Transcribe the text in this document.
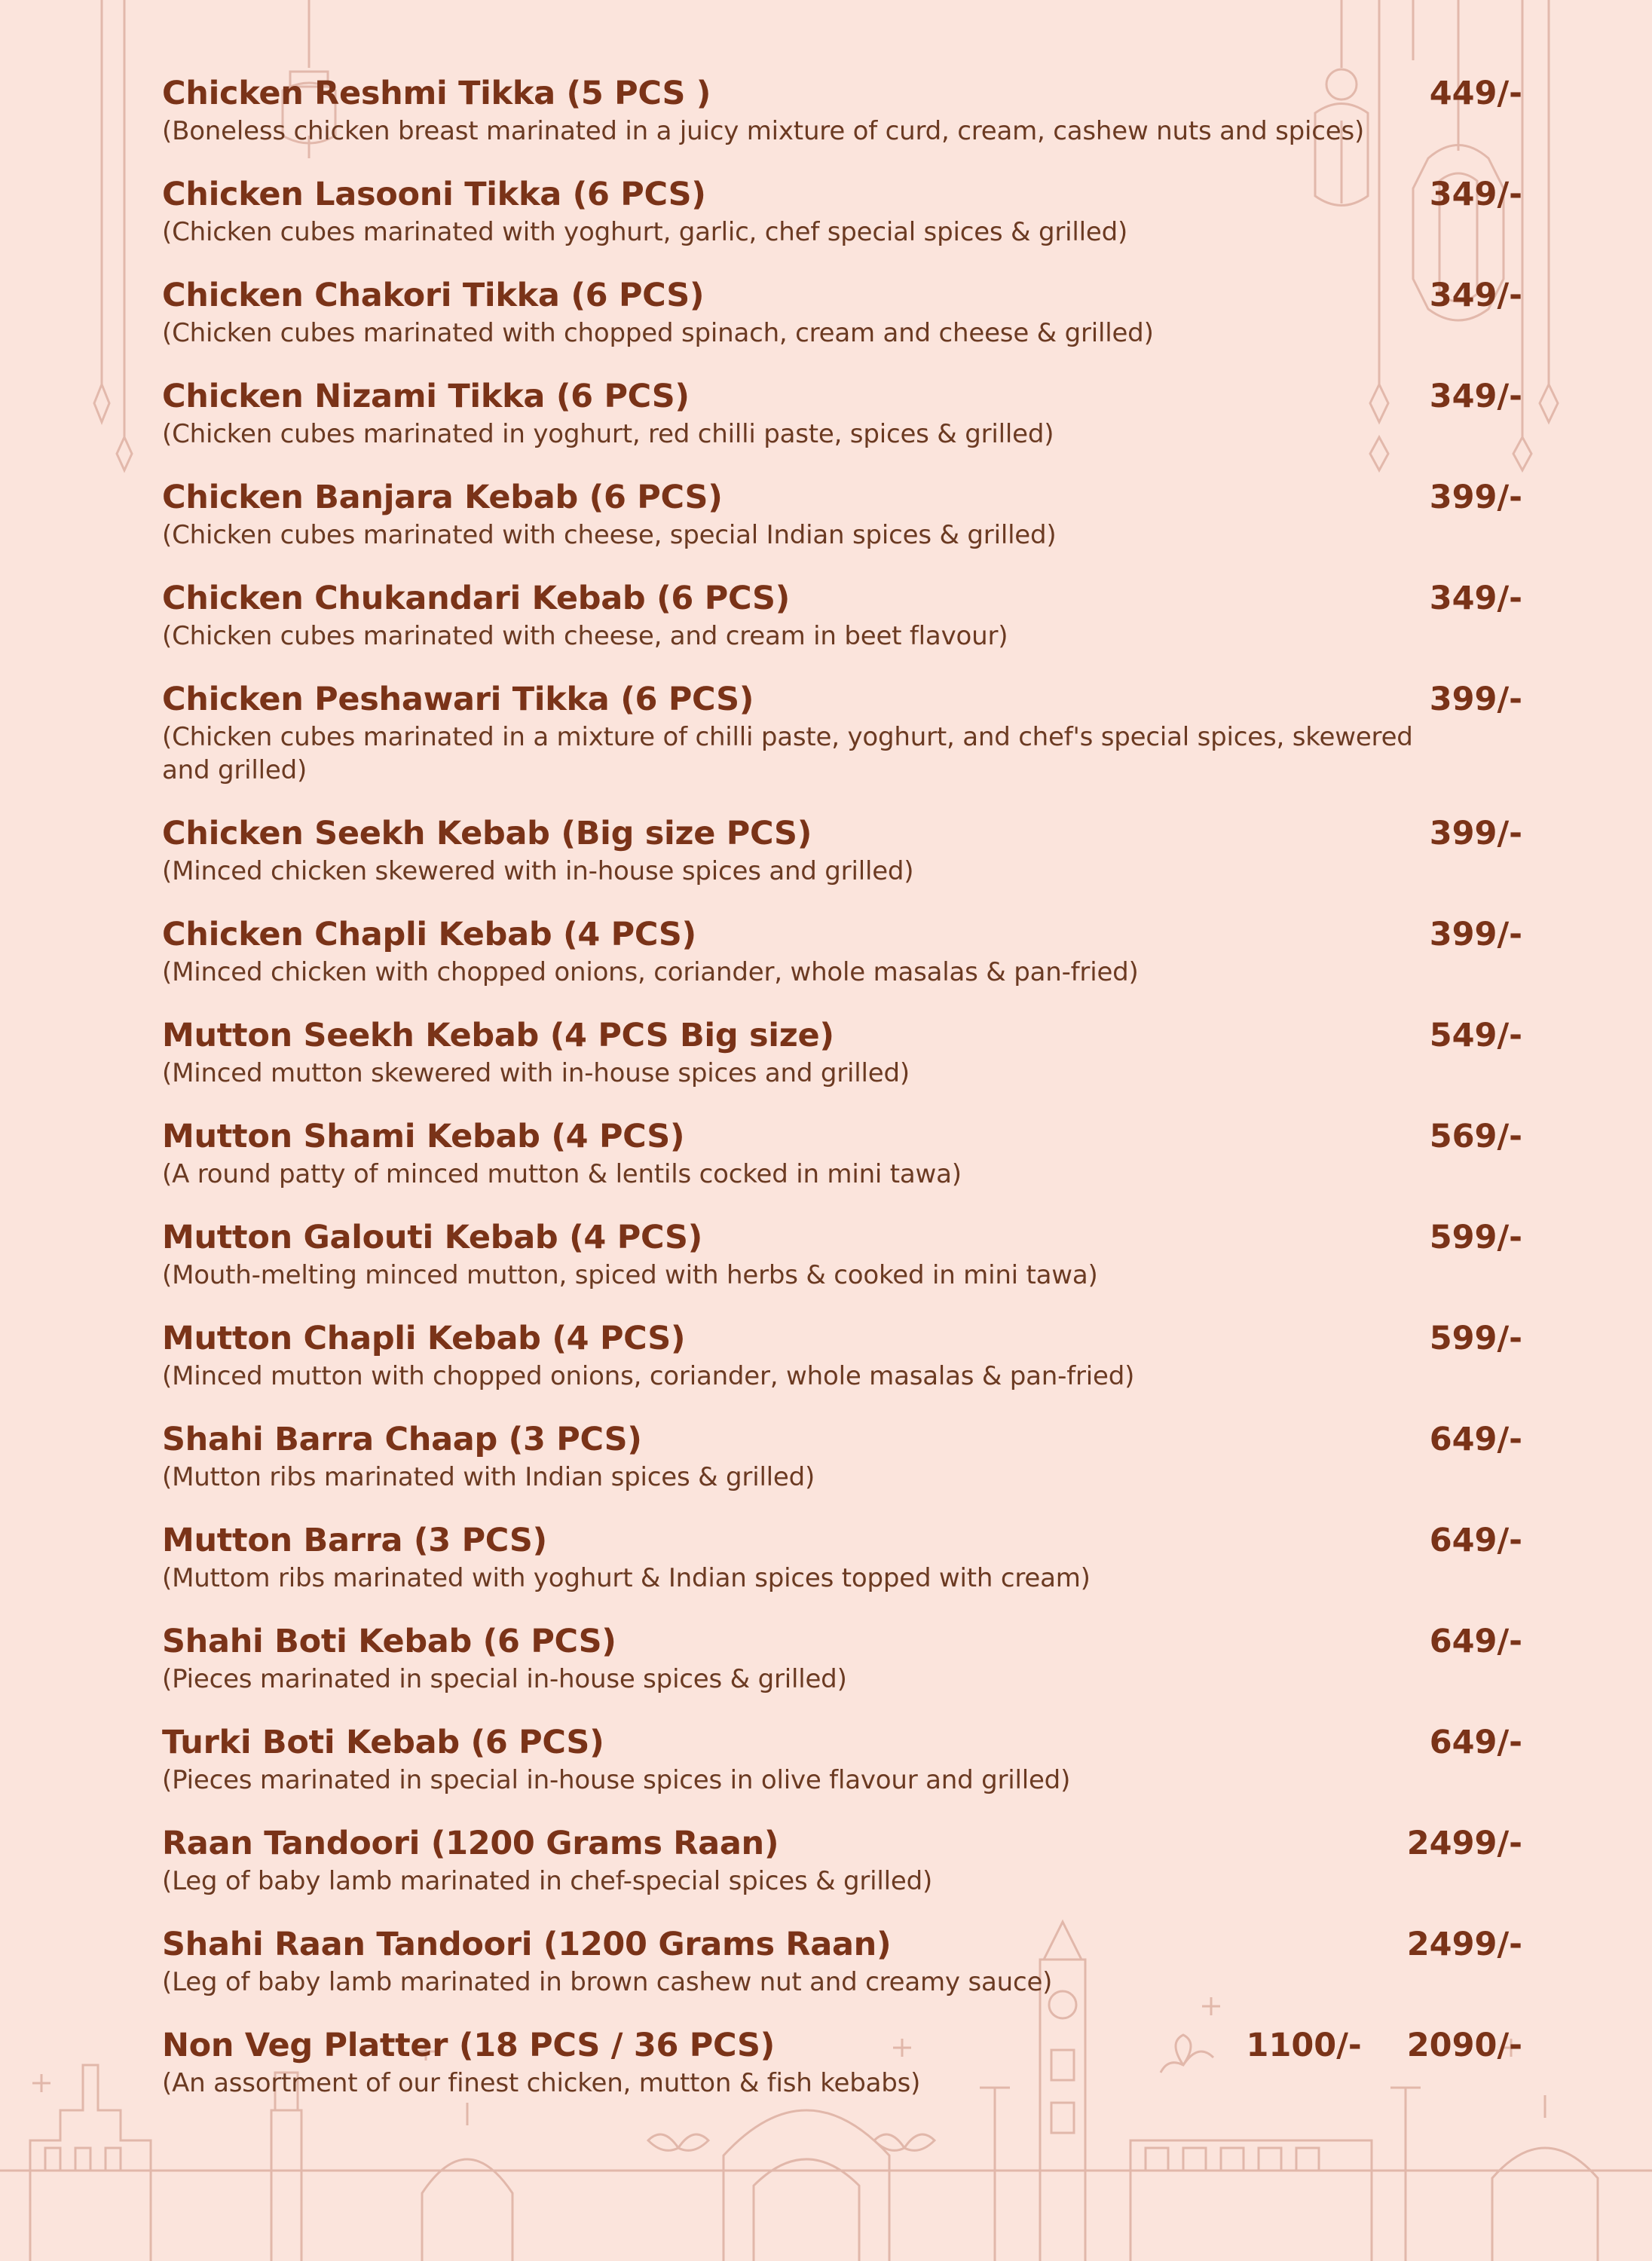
Chicken Reshmi Tikka (5 PCS )	449/-
(Boneless chicken breast marinated in a juicy mixture of curd, cream, cashew nuts and spices)
Chicken Lasooni Tikka (6 PCS)	349/-
(Chicken cubes marinated with yoghurt, garlic, chef special spices & grilled)
Chicken Chakori Tikka (6 PCS)	349/-
(Chicken cubes marinated with chopped spinach, cream and cheese & grilled)
Chicken Nizami Tikka (6 PCS)	349/-
(Chicken cubes marinated in yoghurt, red chilli paste, spices & grilled)
Chicken Banjara Kebab (6 PCS)	399/-
(Chicken cubes marinated with cheese, special Indian spices & grilled)
Chicken Chukandari Kebab (6 PCS)	349/-
(Chicken cubes marinated with cheese, and cream in beet flavour)
Chicken Peshawari Tikka (6 PCS)	399/-
(Chicken cubes marinated in a mixture of chilli paste, yoghurt, and chef's special spices, skewered and grilled)
Chicken Seekh Kebab (Big size PCS)	399/-
(Minced chicken skewered with in-house spices and grilled)
Chicken Chapli Kebab (4 PCS)	399/-
(Minced chicken with chopped onions, coriander, whole masalas & pan-fried)
Mutton Seekh Kebab (4 PCS Big size)	549/-
(Minced mutton skewered with in-house spices and grilled)
Mutton Shami Kebab (4 PCS)	569/-
(A round patty of minced mutton & lentils cocked in mini tawa)
Mutton Galouti Kebab (4 PCS)	599/-
(Mouth-melting minced mutton, spiced with herbs & cooked in mini tawa)
Mutton Chapli Kebab (4 PCS)	599/-
(Minced mutton with chopped onions, coriander, whole masalas & pan-fried)
Shahi Barra Chaap (3 PCS)	649/-
(Mutton ribs marinated with Indian spices & grilled)
Mutton Barra (3 PCS)	649/-
(Muttom ribs marinated with yoghurt & Indian spices topped with cream)
Shahi Boti Kebab (6 PCS)	649/-
(Pieces marinated in special in-house spices & grilled)
Turki Boti Kebab (6 PCS)	649/-
(Pieces marinated in special in-house spices in olive flavour and grilled)
Raan Tandoori (1200 Grams Raan)	2499/-
(Leg of baby lamb marinated in chef-special spices & grilled)
Shahi Raan Tandoori (1200 Grams Raan)	2499/-
(Leg of baby lamb marinated in brown cashew nut and creamy sauce)
Non Veg Platter (18 PCS / 36 PCS)	1100/- 2090/-
(An assortment of our finest chicken, mutton & fish kebabs)
